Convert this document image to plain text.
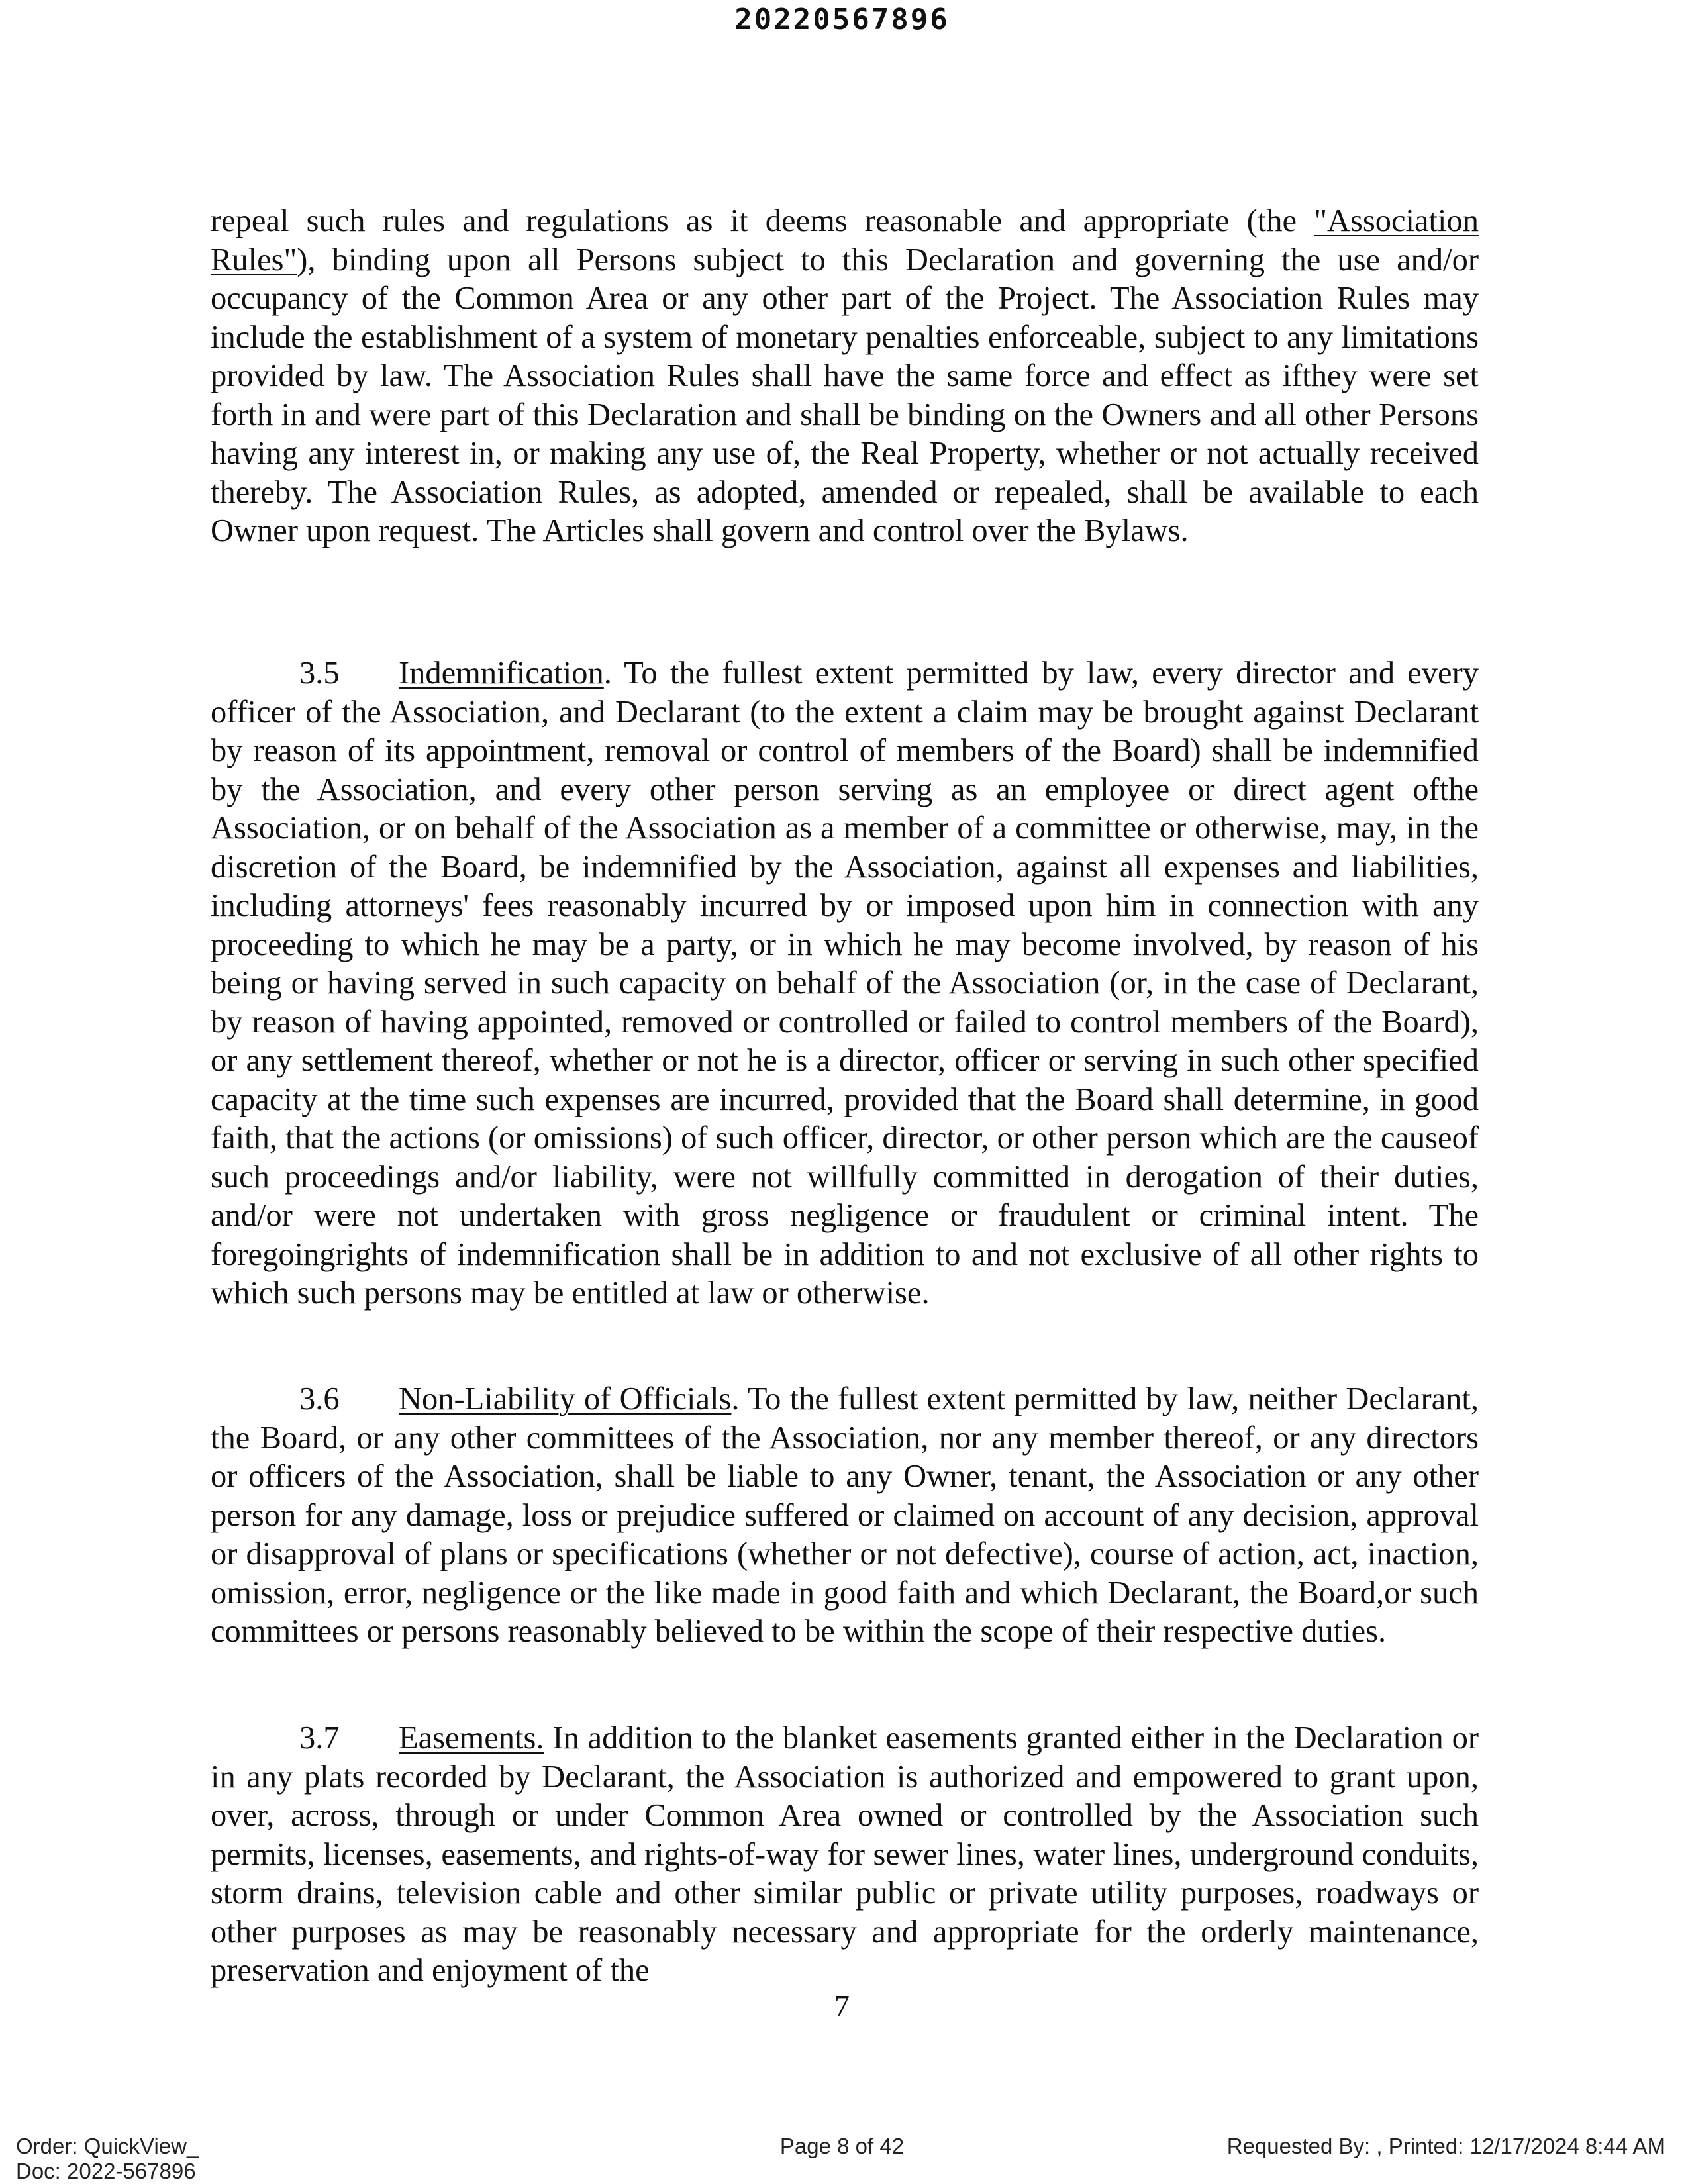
20220567896

repeal such rules and regulations as it deems reasonable and appropriate (the "Association Rules"), binding upon all Persons subject to this Declaration and governing the use and/or occupancy of the Common Area or any other part of the Project. The Association Rules may include the establishment of a system of monetary penalties enforceable, subject to any limitations provided by law. The Association Rules shall have the same force and effect as ifthey were set forth in and were part of this Declaration and shall be binding on the Owners and all other Persons having any interest in, or making any use of, the Real Property, whether or not actually received thereby. The Association Rules, as adopted, amended or repealed, shall be available to each Owner upon request. The Articles shall govern and control over the Bylaws.

3.5 Indemnification. To the fullest extent permitted by law, every director and every officer of the Association, and Declarant (to the extent a claim may be brought against Declarant by reason of its appointment, removal or control of members of the Board) shall be indemnified by the Association, and every other person serving as an employee or direct agent ofthe Association, or on behalf of the Association as a member of a committee or otherwise, may, in the discretion of the Board, be indemnified by the Association, against all expenses and liabilities, including attorneys' fees reasonably incurred by or imposed upon him in connection with any proceeding to which he may be a party, or in which he may become involved, by reason of his being or having served in such capacity on behalf of the Association (or, in the case of Declarant, by reason of having appointed, removed or controlled or failed to control members of the Board), or any settlement thereof, whether or not he is a director, officer or serving in such other specified capacity at the time such expenses are incurred, provided that the Board shall determine, in good faith, that the actions (or omissions) of such officer, director, or other person which are the causeof such proceedings and/or liability, were not willfully committed in derogation of their duties, and/or were not undertaken with gross negligence or fraudulent or criminal intent. The foregoingrights of indemnification shall be in addition to and not exclusive of all other rights to which such persons may be entitled at law or otherwise.

3.6 Non-Liability of Officials. To the fullest extent permitted by law, neither Declarant, the Board, or any other committees of the Association, nor any member thereof, or any directors or officers of the Association, shall be liable to any Owner, tenant, the Association or any other person for any damage, loss or prejudice suffered or claimed on account of any decision, approval or disapproval of plans or specifications (whether or not defective), course of action, act, inaction, omission, error, negligence or the like made in good faith and which Declarant, the Board,or such committees or persons reasonably believed to be within the scope of their respective duties.

3.7 Easements. In addition to the blanket easements granted either in the Declaration or in any plats recorded by Declarant, the Association is authorized and empowered to grant upon, over, across, through or under Common Area owned or controlled by the Association such permits, licenses, easements, and rights-of-way for sewer lines, water lines, underground conduits, storm drains, television cable and other similar public or private utility purposes, roadways or other purposes as may be reasonably necessary and appropriate for the orderly maintenance, preservation and enjoyment of the

7
Order: QuickView_
Doc: 2022-567896
Page 8 of 42	Requested By: , Printed: 12/17/2024 8:44 AM
